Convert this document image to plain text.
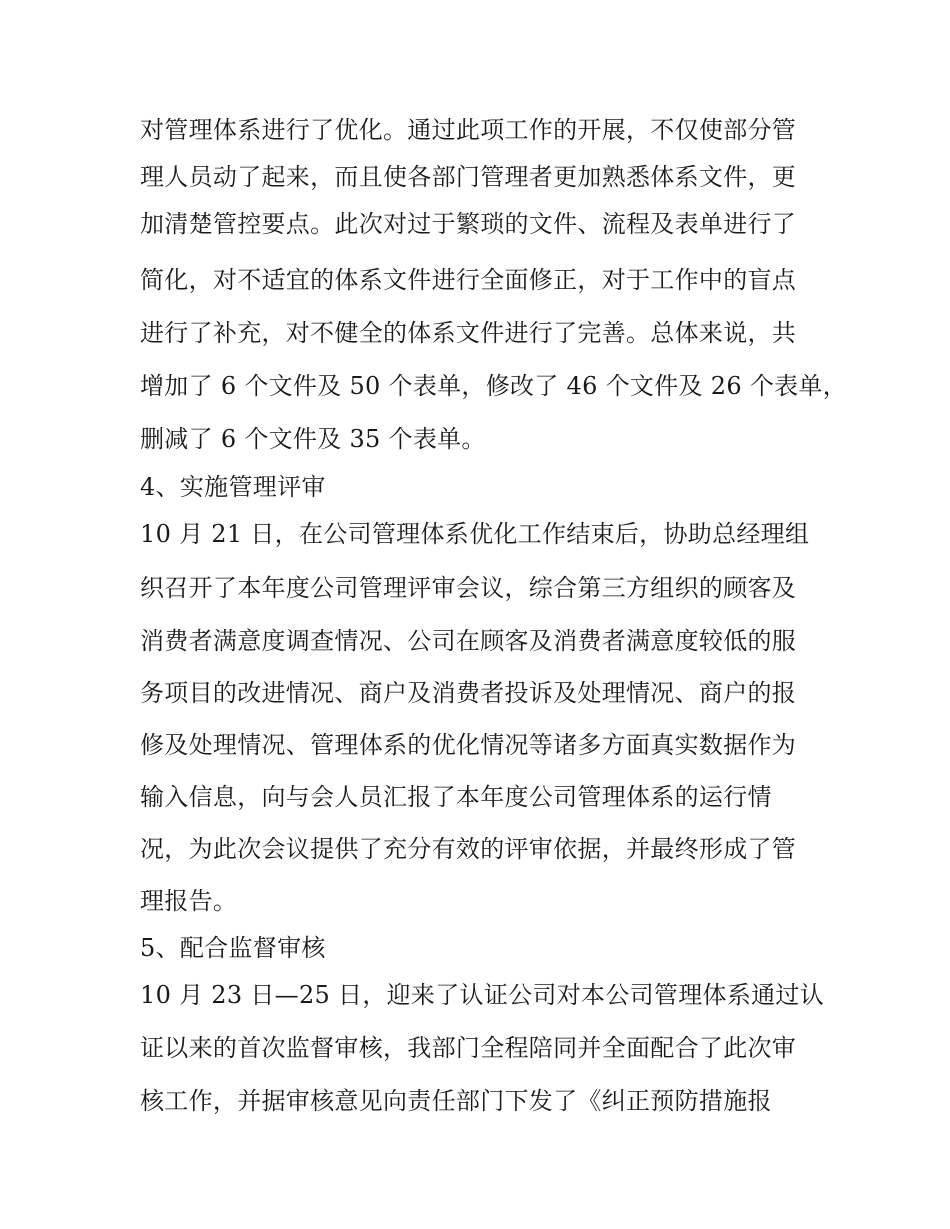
对管理体系进行了优化。通过此项工作的开展，不仅使部分管
理人员动了起来，而且使各部门管理者更加熟悉体系文件，更
加清楚管控要点。此次对过于繁琐的文件、流程及表单进行了
简化，对不适宜的体系文件进行全面修正，对于工作中的盲点
进行了补充，对不健全的体系文件进行了完善。总体来说，共
增加了 6 个文件及 50 个表单，修改了 46 个文件及 26 个表单，
删减了 6 个文件及 35 个表单。
4、实施管理评审
10 月 21 日，在公司管理体系优化工作结束后，协助总经理组
织召开了本年度公司管理评审会议，综合第三方组织的顾客及
消费者满意度调查情况、公司在顾客及消费者满意度较低的服
务项目的改进情况、商户及消费者投诉及处理情况、商户的报
修及处理情况、管理体系的优化情况等诸多方面真实数据作为
输入信息，向与会人员汇报了本年度公司管理体系的运行情
况，为此次会议提供了充分有效的评审依据，并最终形成了管
理报告。
5、配合监督审核
10 月 23 日—25 日，迎来了认证公司对本公司管理体系通过认
证以来的首次监督审核，我部门全程陪同并全面配合了此次审
核工作，并据审核意见向责任部门下发了《纠正预防措施报
